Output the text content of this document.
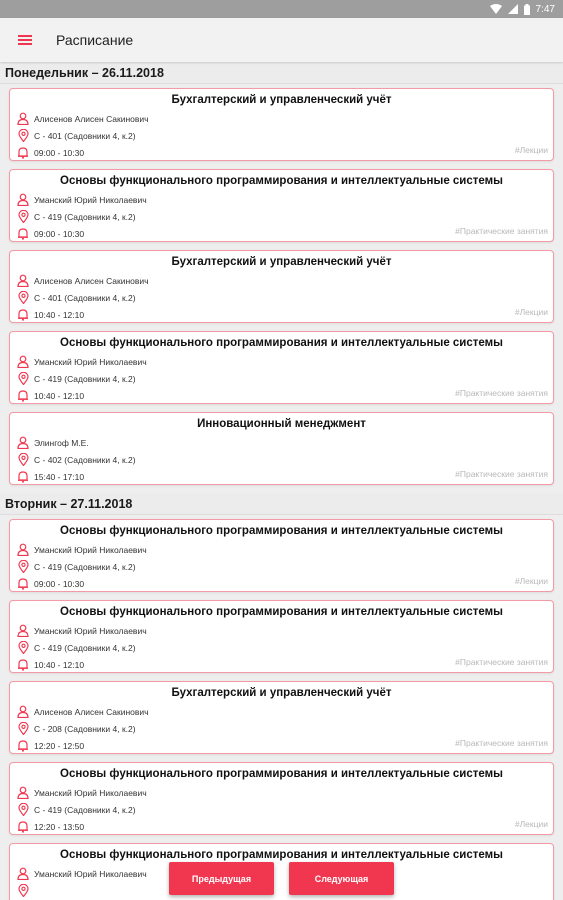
7:47
Расписание
Понедельник – 26.11.2018
Бухгалтерский и управленческий учёт
Алисенов Алисен Сакинович
С - 401 (Садовники 4, к.2)
09:00 - 10:30	#Лекции
Основы функционального программирования и интеллектуальные системы
Уманский Юрий Николаевич
С - 419 (Садовники 4, к.2)
09:00 - 10:30	#Практические занятия
Бухгалтерский и управленческий учёт
Алисенов Алисен Сакинович
С - 401 (Садовники 4, к.2)
10:40 - 12:10	#Лекции
Основы функционального программирования и интеллектуальные системы
Уманский Юрий Николаевич
С - 419 (Садовники 4, к.2)
10:40 - 12:10	#Практические занятия
Инновационный менеджмент
Элингоф М.Е.
С - 402 (Садовники 4, к.2)
15:40 - 17:10	#Практические занятия
Вторник – 27.11.2018
Основы функционального программирования и интеллектуальные системы
Уманский Юрий Николаевич
С - 419 (Садовники 4, к.2)
09:00 - 10:30	#Лекции
Основы функционального программирования и интеллектуальные системы
Уманский Юрий Николаевич
С - 419 (Садовники 4, к.2)
10:40 - 12:10	#Практические занятия
Бухгалтерский и управленческий учёт
Алисенов Алисен Сакинович
С - 208 (Садовники 4, к.2)
12:20 - 12:50	#Практические занятия
Основы функционального программирования и интеллектуальные системы
Уманский Юрий Николаевич
С - 419 (Садовники 4, к.2)
12:20 - 13:50	#Лекции
Основы функционального программирования и интеллектуальные системы
Уманский Юрий Николаевич	Предыдущая	Следующая
